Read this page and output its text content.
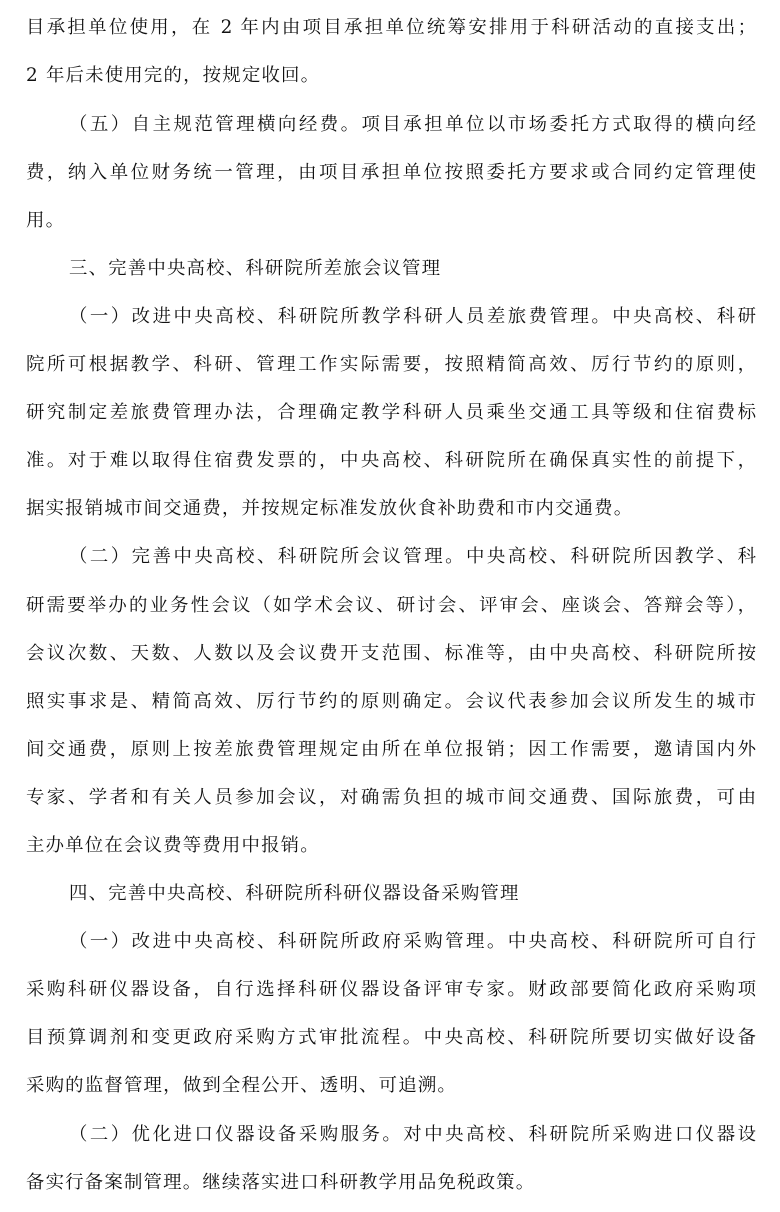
目承担单位使用，在 2 年内由项目承担单位统筹安排用于科研活动的直接支出；
2 年后未使用完的，按规定收回。
（五）自主规范管理横向经费。项目承担单位以市场委托方式取得的横向经
费，纳入单位财务统一管理，由项目承担单位按照委托方要求或合同约定管理使
用。
三、完善中央高校、科研院所差旅会议管理
（一）改进中央高校、科研院所教学科研人员差旅费管理。中央高校、科研
院所可根据教学、科研、管理工作实际需要，按照精简高效、厉行节约的原则，
研究制定差旅费管理办法，合理确定教学科研人员乘坐交通工具等级和住宿费标
准。对于难以取得住宿费发票的，中央高校、科研院所在确保真实性的前提下，
据实报销城市间交通费，并按规定标准发放伙食补助费和市内交通费。
（二）完善中央高校、科研院所会议管理。中央高校、科研院所因教学、科
研需要举办的业务性会议（如学术会议、研讨会、评审会、座谈会、答辩会等），
会议次数、天数、人数以及会议费开支范围、标准等，由中央高校、科研院所按
照实事求是、精简高效、厉行节约的原则确定。会议代表参加会议所发生的城市
间交通费，原则上按差旅费管理规定由所在单位报销；因工作需要，邀请国内外
专家、学者和有关人员参加会议，对确需负担的城市间交通费、国际旅费，可由
主办单位在会议费等费用中报销。
四、完善中央高校、科研院所科研仪器设备采购管理
（一）改进中央高校、科研院所政府采购管理。中央高校、科研院所可自行
采购科研仪器设备，自行选择科研仪器设备评审专家。财政部要简化政府采购项
目预算调剂和变更政府采购方式审批流程。中央高校、科研院所要切实做好设备
采购的监督管理，做到全程公开、透明、可追溯。
（二）优化进口仪器设备采购服务。对中央高校、科研院所采购进口仪器设
备实行备案制管理。继续落实进口科研教学用品免税政策。
